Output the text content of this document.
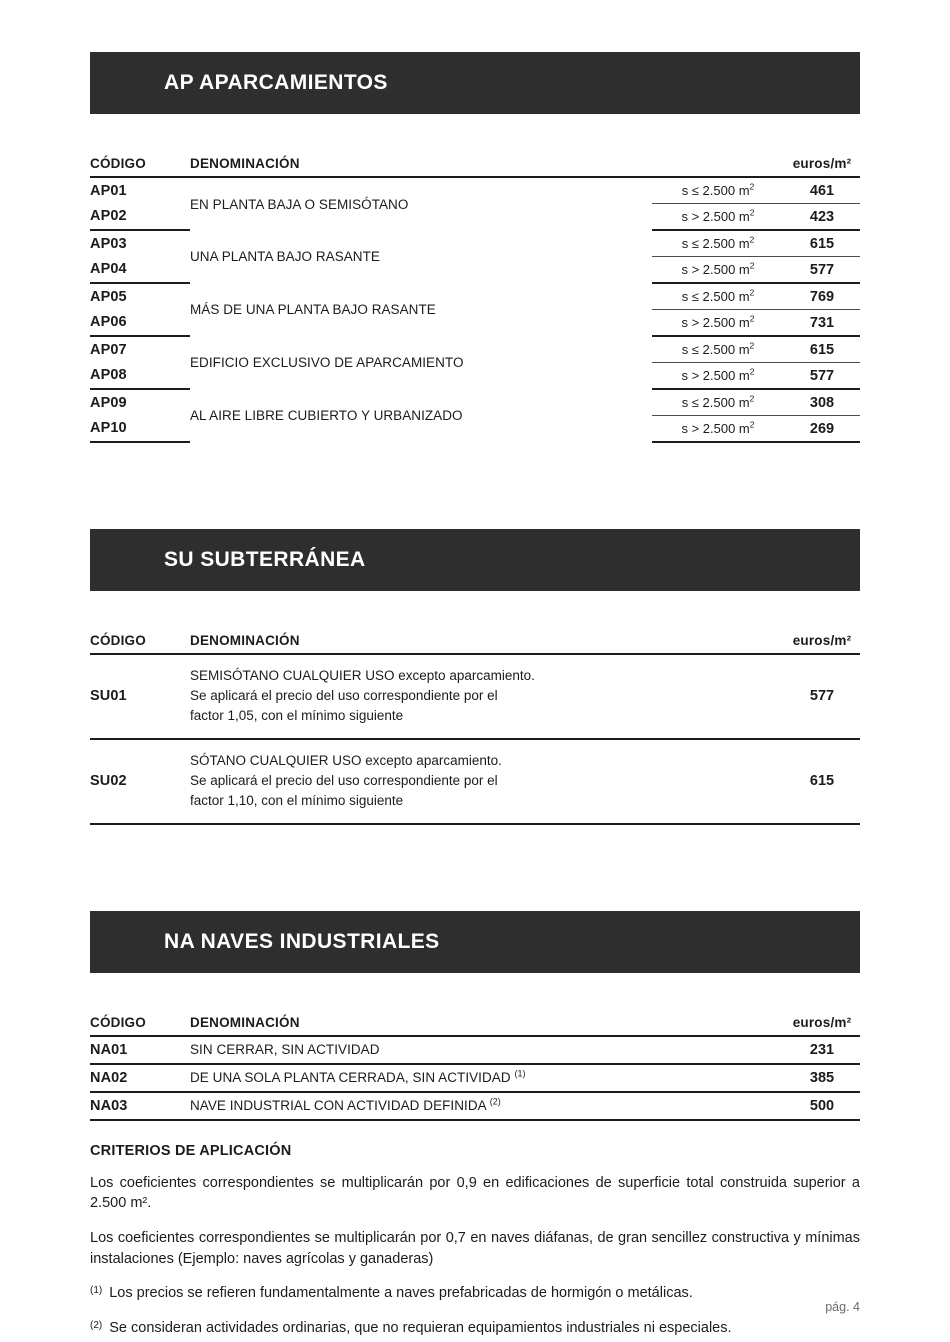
AP APARCAMIENTOS
CÓDIGO	DENOMINACIÓN		euros/m²
AP01	EN PLANTA BAJA O SEMISÓTANO	s ≤ 2.500 $m^2$	461
AP02		s > 2.500 $m^2$	423
AP03	UNA PLANTA BAJO RASANTE	s ≤ 2.500 $m^2$	615
AP04		s > 2.500 $m^2$	577
AP05	MÁS DE UNA PLANTA BAJO RASANTE	s ≤ 2.500 $m^2$	769
AP06		s > 2.500 $m^2$	731
AP07	EDIFICIO EXCLUSIVO DE APARCAMIENTO	s ≤ 2.500 $m^2$	615
AP08		s > 2.500 $m^2$	577
AP09	AL AIRE LIBRE CUBIERTO Y URBANIZADO	s ≤ 2.500 $m^2$	308
AP10		s > 2.500 $m^2$	269
SU SUBTERRÁNEA
CÓDIGO	DENOMINACIÓN	euros/m²
SU01	SEMISÓTANO CUALQUIER USO excepto aparcamiento.
Se aplicará el precio del uso correspondiente por el
factor 1,05, con el mínimo siguiente	577
SU02	SÓTANO CUALQUIER USO excepto aparcamiento.
Se aplicará el precio del uso correspondiente por el
factor 1,10, con el mínimo siguiente	615
NA NAVES INDUSTRIALES
CÓDIGO	DENOMINACIÓN	euros/m²
NA01	SIN CERRAR, SIN ACTIVIDAD	231
NA02	DE UNA SOLA PLANTA CERRADA, SIN ACTIVIDAD $^{(1)}$	385
NA03	NAVE INDUSTRIAL CON ACTIVIDAD DEFINIDA $^{(2)}$	500
CRITERIOS DE APLICACIÓN

Los coeficientes correspondientes se multiplicarán por 0,9 en edificaciones de superficie total construida superior a 2.500 m².

Los coeficientes correspondientes se multiplicarán por 0,7 en naves diáfanas, de gran sencillez constructiva y mínimas instalaciones (Ejemplo: naves agrícolas y ganaderas)

(1) Los precios se refieren fundamentalmente a naves prefabricadas de hormigón o metálicas.
(2) Se consideran actividades ordinarias, que no requieran equipamientos industriales ni especiales.
pág. 4
